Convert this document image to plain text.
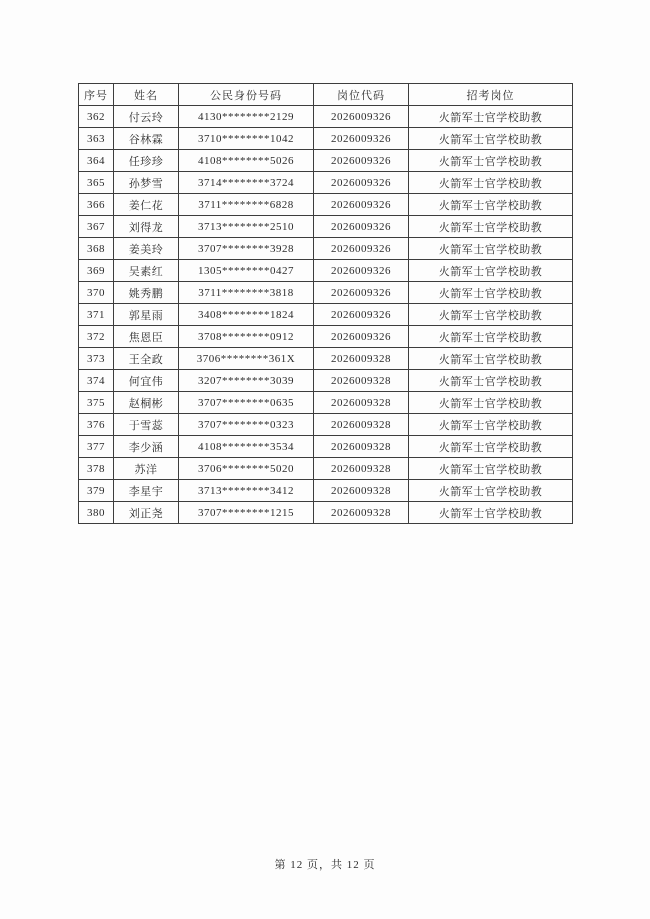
序号	姓名	公民身份号码	岗位代码	招考岗位
362	付云玲	4130********2129	2026009326	火箭军士官学校助教
363	谷林霖	3710********1042	2026009326	火箭军士官学校助教
364	任珍珍	4108********5026	2026009326	火箭军士官学校助教
365	孙梦雪	3714********3724	2026009326	火箭军士官学校助教
366	姜仁花	3711********6828	2026009326	火箭军士官学校助教
367	刘得龙	3713********2510	2026009326	火箭军士官学校助教
368	姜美玲	3707********3928	2026009326	火箭军士官学校助教
369	吴素红	1305********0427	2026009326	火箭军士官学校助教
370	姚秀鹏	3711********3818	2026009326	火箭军士官学校助教
371	郭星雨	3408********1824	2026009326	火箭军士官学校助教
372	焦恩臣	3708********0912	2026009326	火箭军士官学校助教
373	王全政	3706********361X	2026009328	火箭军士官学校助教
374	何宜伟	3207********3039	2026009328	火箭军士官学校助教
375	赵桐彬	3707********0635	2026009328	火箭军士官学校助教
376	于雪蕊	3707********0323	2026009328	火箭军士官学校助教
377	李少涵	4108********3534	2026009328	火箭军士官学校助教
378	苏洋	3706********5020	2026009328	火箭军士官学校助教
379	李星宇	3713********3412	2026009328	火箭军士官学校助教
380	刘正尧	3707********1215	2026009328	火箭军士官学校助教
第 12 页，共 12 页
